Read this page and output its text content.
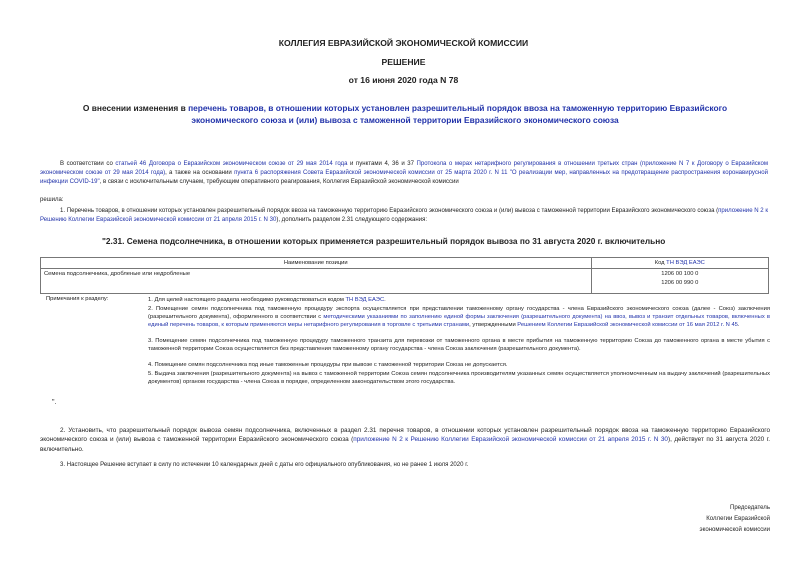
КОЛЛЕГИЯ ЕВРАЗИЙСКОЙ ЭКОНОМИЧЕСКОЙ КОМИССИИ
РЕШЕНИЕ
от 16 июня 2020 года N 78
О внесении изменения в перечень товаров, в отношении которых установлен разрешительный порядок ввоза на таможенную территорию Евразийского экономического союза и (или) вывоза с таможенной территории Евразийского экономического союза
В соответствии со статьей 46 Договора о Евразийском экономическом союзе от 29 мая 2014 года и пунктами 4, 36 и 37 Протокола о мерах нетарифного регулирования в отношении третьих стран (приложение N 7 к Договору о Евразийском экономическом союзе от 29 мая 2014 года), а также на основании пункта 6 распоряжения Совета Евразийской экономической комиссии от 25 марта 2020 г. N 11 "О реализации мер, направленных на предотвращение распространения коронавирусной инфекции COVID-19", в связи с исключительным случаем, требующим оперативного реагирования, Коллегия Евразийской экономической комиссии
решила:
1. Перечень товаров, в отношении которых установлен разрешительный порядок ввоза на таможенную территорию Евразийского экономического союза и (или) вывоза с таможенной территории Евразийского экономического союза (приложение N 2 к Решению Коллегии Евразийской экономической комиссии от 21 апреля 2015 г. N 30), дополнить разделом 2.31 следующего содержания:
"2.31. Семена подсолнечника, в отношении которых применяется разрешительный порядок вывоза по 31 августа 2020 г. включительно
Наименование позиции	Код ТН ВЭД ЕАЭС
Семена подсолнечника, дробленые или недробленые	1206 00 100 0
1206 00 990 0
Примечания к разделу:	1. Для целей настоящего раздела необходимо руководствоваться кодом ТН ВЭД ЕАЭС.
2. Помещение семян подсолнечника под таможенную процедуру экспорта осуществляется при представлении таможенному органу государства - члена Евразийского экономического союза (далее - Союз) заключения (разрешительного документа), оформленного в соответствии с методическими указаниями по заполнению единой формы заключения (разрешительного документа) на ввоз, вывоз и транзит отдельных товаров, включенных в единый перечень товаров, к которым применяются меры нетарифного регулирования в торговле с третьими странами, утвержденными Решением Коллегии Евразийской экономической комиссии от 16 мая 2012 г. N 45.
3. Помещение семян подсолнечника под таможенную процедуру таможенного транзита для перевозки от таможенного органа в месте прибытия на таможенную территорию Союза до таможенного органа в месте убытия с таможенной территории Союза осуществляется без представления таможенному органу государства - члена Союза заключения (разрешительного документа).
4. Помещение семян подсолнечника под иные таможенные процедуры при вывозе с таможенной территории Союза не допускается.
5. Выдача заключения (разрешительного документа) на вывоз с таможенной территории Союза семян подсолнечника производителям указанных семян осуществляется уполномоченным на выдачу заключений (разрешительных документов) органом государства - члена Союза в порядке, определенном законодательством этого государства.
".
2. Установить, что разрешительный порядок вывоза семян подсолнечника, включенных в раздел 2.31 перечня товаров, в отношении которых установлен разрешительный порядок ввоза на таможенную территорию Евразийского экономического союза и (или) вывоза с таможенной территории Евразийского экономического союза (приложение N 2 к Решению Коллегии Евразийской экономической комиссии от 21 апреля 2015 г. N 30), действует по 31 августа 2020 г. включительно.
3. Настоящее Решение вступает в силу по истечении 10 календарных дней с даты его официального опубликования, но не ранее 1 июля 2020 г.
Председатель
Коллегии Евразийской
экономической комиссии
